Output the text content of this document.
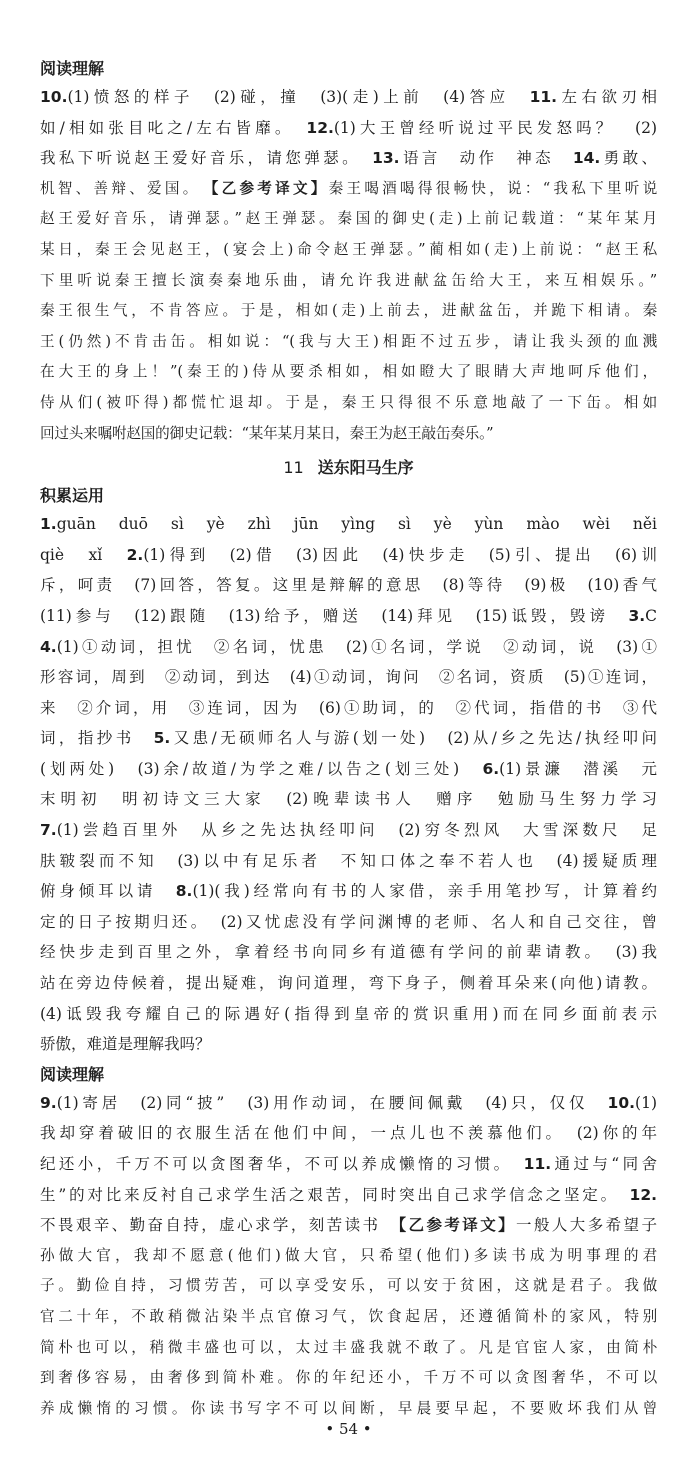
阅读理解
10.(1)愤怒的样子　(2)碰，撞　(3)(走)上前　(4)答应　11.左右欲刃相
如/相如张目叱之/左右皆靡。　12.(1)大王曾经听说过平民发怒吗？　(2)
我私下听说赵王爱好音乐，请您弹瑟。　13.语言　动作　神态　14.勇敢、
机智、善辩、爱国。　【乙参考译文】秦王喝酒喝得很畅快，说：“我私下里听说
赵王爱好音乐，请弹瑟。”赵王弹瑟。秦国的御史(走)上前记载道：“某年某月
某日，秦王会见赵王，(宴会上)命令赵王弹瑟。”蔺相如(走)上前说：“赵王私
下里听说秦王擅长演奏秦地乐曲，请允许我进献盆缶给大王，来互相娱乐。”
秦王很生气，不肯答应。于是，相如(走)上前去，进献盆缶，并跪下相请。秦
王(仍然)不肯击缶。相如说：“(我与大王)相距不过五步，请让我头颈的血溅
在大王的身上！”(秦王的)侍从要杀相如，相如瞪大了眼睛大声地呵斥他们，
侍从们(被吓得)都慌忙退却。于是，秦王只得很不乐意地敲了一下缶。相如
回过头来嘱咐赵国的御史记载：“某年某月某日，秦王为赵王敲缶奏乐。”
11 送东阳马生序
积累运用
1.guān　duō　sì　yè　zhì　jūn　yìng　sì　yè　yùn　mào　wèi　něi
qiè　xǐ　2.(1)得到　(2)借　(3)因此　(4)快步走　(5)引、提出　(6)训
斥，呵责　(7)回答，答复。这里是辩解的意思　(8)等待　(9)极　(10)香气
(11)参与　(12)跟随　(13)给予，赠送　(14)拜见　(15)诋毁，毁谤　3.C
4.(1)①动词，担忧　②名词，忧患　(2)①名词，学说　②动词，说　(3)①
形容词，周到　②动词，到达　(4)①动词，询问　②名词，资质　(5)①连词，
来　②介词，用　③连词，因为　(6)①助词，的　②代词，指借的书　③代
词，指抄书　5.又患/无硕师名人与游(划一处)　(2)从/乡之先达/执经叩问
(划两处)　(3)余/故道/为学之难/以告之(划三处)　6.(1)景濂　潜溪　元
末明初　明初诗文三大家　(2)晚辈读书人　赠序　勉励马生努力学习
7.(1)尝趋百里外　从乡之先达执经叩问　(2)穷冬烈风　大雪深数尺　足
肤皲裂而不知　(3)以中有足乐者　不知口体之奉不若人也　(4)援疑质理
俯身倾耳以请　8.(1)(我)经常向有书的人家借，亲手用笔抄写，计算着约
定的日子按期归还。　(2)又忧虑没有学问渊博的老师、名人和自己交往，曾
经快步走到百里之外，拿着经书向同乡有道德有学问的前辈请教。　(3)我
站在旁边侍候着，提出疑难，询问道理，弯下身子，侧着耳朵来(向他)请教。
(4)诋毁我夸耀自己的际遇好(指得到皇帝的赏识重用)而在同乡面前表示
骄傲，难道是理解我吗？
阅读理解
9.(1)寄居　(2)同“披”　(3)用作动词，在腰间佩戴　(4)只，仅仅　10.(1)
我却穿着破旧的衣服生活在他们中间，一点儿也不羡慕他们。　(2)你的年
纪还小，千万不可以贪图奢华，不可以养成懒惰的习惯。　11.通过与“同舍
生”的对比来反衬自己求学生活之艰苦，同时突出自己求学信念之坚定。　12.
不畏艰辛、勤奋自持，虚心求学，刻苦读书　【乙参考译文】一般人大多希望子
孙做大官，我却不愿意(他们)做大官，只希望(他们)多读书成为明事理的君
子。勤俭自持，习惯劳苦，可以享受安乐，可以安于贫困，这就是君子。我做
官二十年，不敢稍微沾染半点官僚习气，饮食起居，还遵循简朴的家风，特别
简朴也可以，稍微丰盛也可以，太过丰盛我就不敢了。凡是官宦人家，由简朴
到奢侈容易，由奢侈到简朴难。你的年纪还小，千万不可以贪图奢华，不可以
养成懒惰的习惯。你读书写字不可以间断，早晨要早起，不要败坏我们从曾
• 54 •
